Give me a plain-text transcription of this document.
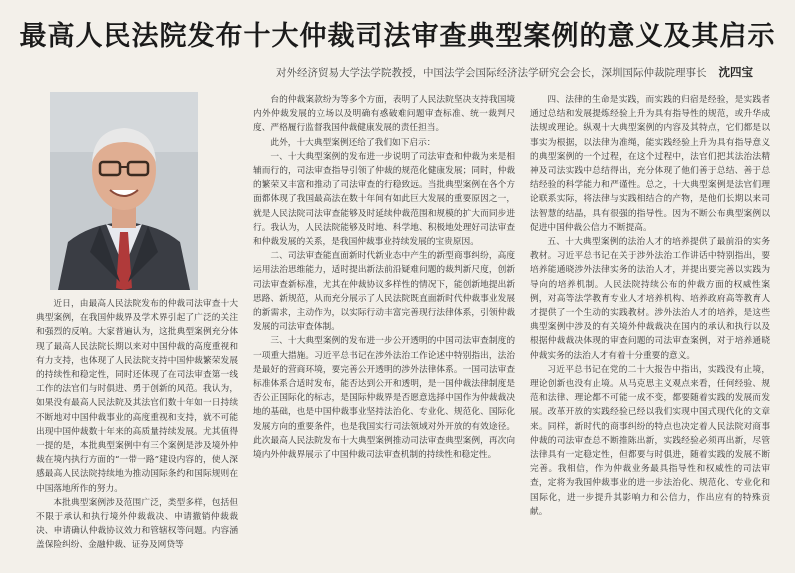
最高人民法院发布十大仲裁司法审查典型案例的意义及其启示
对外经济贸易大学法学院教授，中国法学会国际经济法学研究会会长，深圳国际仲裁院理事长 沈四宝

近日，由最高人民法院发布的仲裁司法审查十大典型案例，在我国仲裁界及学术界引起了广泛的关注和强烈的反响。大家普遍认为，这批典型案例充分体现了最高人民法院长期以来对中国仲裁的高度重视和有力支持，也体现了人民法院支持中国仲裁繁荣发展的持续性和稳定性，同时还体现了在司法审查第一线工作的法官们与时俱进、勇于创新的风范。我认为，如果没有最高人民法院及其法官们数十年如一日持续不断地对中国仲裁事业的高度重视和支持，就不可能出现中国仲裁数十年来的高质量持续发展。尤其值得一提的是，本批典型案例中有三个案例是涉及境外仲裁在境内执行方面的“一带一路”建设内容的，使人深感最高人民法院持续地为推动国际条约和国际规则在中国落地所作的努力。

本批典型案例涉及范围广泛，类型多样，包括但不限于承认和执行境外仲裁裁决、申请撤销仲裁裁决、申请确认仲裁协议效力和管辖权等问题。内容涵盖保险纠纷、金融仲裁、证券及网贷等

台的仲裁案款纷为等多个方面，表明了人民法院坚决支持我国境内外仲裁发展的立场以及明确有惑破难问题审查标准、统一裁判尺度、严格履行监督我国仲裁健康发展的责任担当。

此外，十大典型案例还给了我们如下启示：

一、十大典型案例的发布进一步说明了司法审查和仲裁为来是相辅而行的，司法审查指导引领了仲裁的规范化健康发展；同时，仲裁的繁荣又丰富和推动了司法审查的行稳致远。当批典型案例在各个方面都体现了我国最高法在数十年间有如此巨大发展的重要原因之一，就是人民法院司法审查能够及时延续仲裁范围和规模的扩大而同步进行。我认为，人民法院能够及时地、科学地、积极地处理好司法审查和仲裁发展的关系，是我国仲裁事业持续发展的宝贵原因。

二、司法审查能直面新时代新业态中产生的新型商事纠纷，高度运用法治思维能力，适时提出新法前沿疑难问题的裁判新尺度，创新司法审查新标准，尤其在仲裁协议多样性的情况下，能创新地提出新思路、新规范，从而充分展示了人民法院既直面新时代仲裁事业发展的新需求，主动作为，以实际行动丰富完善现行法律体系，引领仲裁发展的司法审查体制。

三、十大典型案例的发布进一步公开透明的中国司法审查制度的一项重大措施。习近平总书记在涉外法治工作论述中特别指出，法治是最好的营商环境，要完善公开透明的涉外法律体系。一国司法审查标准体系合适时发布，能否达到公开和透明，是一国仲裁法律制度是否公正国际化的标志，是国际仲裁界是否愿意选择中国作为仲裁裁决地的基础，也是中国仲裁事业坚持法治化、专业化、规范化、国际化发展方向的重要条件，也是我国实行司法领域对外开放的有效途径。此次最高人民法院发布十大典型案例推动司法审查典型案例，再次向境内外仲裁界展示了中国仲裁司法审查机制的持续性和稳定性。

四、法律的生命是实践，而实践的归宿是经验，是实践者通过总结和发展提炼经验上升为具有指导性的规范，或升华成法规或理论。纵观十大典型案例的内容及其特点，它们都是以事实为根据，以法律为准绳，能实践经验上升为具有指导意义的典型案例的一个过程，在这个过程中，法官们把其法治法精神及司法实践中总结得出，充分体现了他们善于总结、善于总结经验的科学能力和严谨性。总之，十大典型案例是法官们理论联系实际，将法律与实践相结合的产物，是他们长期以来司法智慧的结晶，具有很强的指导性。因为不断公布典型案例以促进中国仲裁公信力不断提高。

五、十大典型案例的法治人才的培养提供了最前沿的实务教材。习近平总书记在关于涉外法治工作讲话中特别指出，要培养能通晓涉外法律实务的法治人才，并提出要完善以实践为导向的培养机制。人民法院持续公布的仲裁方面的权威性案例，对高等法学教育专业人才培养机构、培养政府高等教育人才提供了一个生动的实践教材。涉外法治人才的培养，是这些典型案例中涉及的有关境外仲裁裁决在国内的承认和执行以及根据仲裁裁决体现的审查问题的司法审查案例，对于培养通晓仲裁实务的法治人才有着十分重要的意义。

习近平总书记在党的二十大报告中指出，实践没有止境，理论创新也没有止境。从马克思主义观点来看，任何经验、规范和法律、理论都不可能一成不变，都要随着实践的发展而发展。改革开放的实践经验已经以我们实现中国式现代化的文章来。同样，新时代的商事纠纷的特点也决定着人民法院对商事仲裁的司法审查总不断推陈出新，实践经验必须再出新，尽管法律具有一定稳定性，但都要与时俱进，随着实践的发展不断完善。我相信，作为仲裁业务最具指导性和权威性的司法审查，定将为我国仲裁事业的进一步法治化、规范化、专业化和国际化，进一步提升其影响力和公信力，作出应有的特殊贡献。
